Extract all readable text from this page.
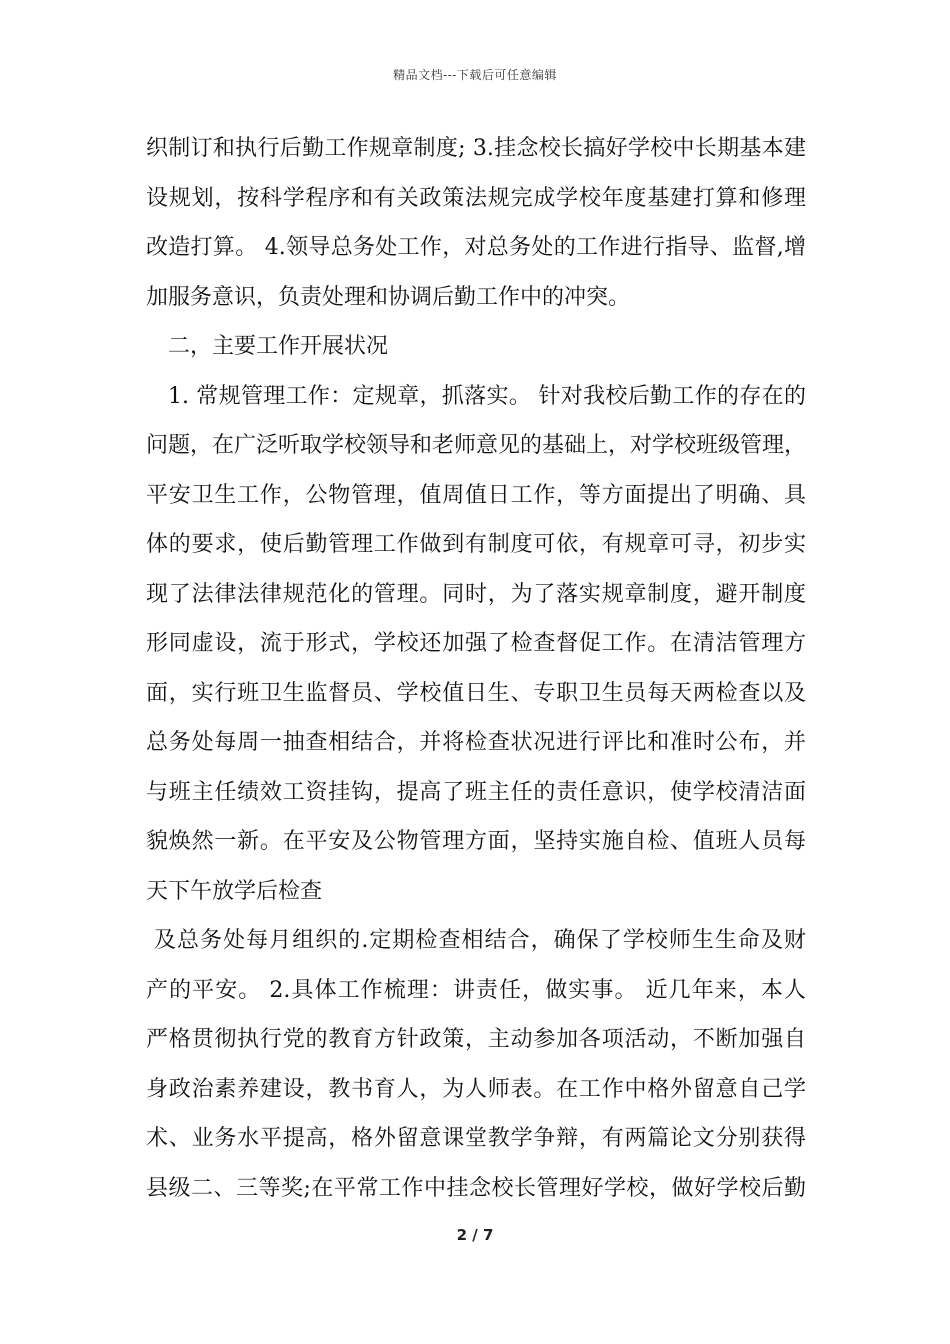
精品文档---下载后可任意编辑
织制订和执行后勤工作规章制度; 3.挂念校长搞好学校中长期基本建
设规划，按科学程序和有关政策法规完成学校年度基建打算和修理
改造打算。 4.领导总务处工作，对总务处的工作进行指导、监督,增
加服务意识，负责处理和协调后勤工作中的冲突。
二，主要工作开展状况
1. 常规管理工作：定规章，抓落实。 针对我校后勤工作的存在的
问题，在广泛听取学校领导和老师意见的基础上，对学校班级管理，
平安卫生工作，公物管理，值周值日工作，等方面提出了明确、具
体的要求，使后勤管理工作做到有制度可依，有规章可寻，初步实
现了法律法律规范化的管理。同时，为了落实规章制度，避开制度
形同虚设，流于形式，学校还加强了检查督促工作。在清洁管理方
面，实行班卫生监督员、学校值日生、专职卫生员每天两检查以及
总务处每周一抽查相结合，并将检查状况进行评比和准时公布，并
与班主任绩效工资挂钩，提高了班主任的责任意识，使学校清洁面
貌焕然一新。在平安及公物管理方面，坚持实施自检、值班人员每
天下午放学后检查
及总务处每月组织的.定期检查相结合，确保了学校师生生命及财
产的平安。 2.具体工作梳理：讲责任，做实事。 近几年来，本人
严格贯彻执行党的教育方针政策，主动参加各项活动，不断加强自
身政治素养建设，教书育人，为人师表。在工作中格外留意自己学
术、业务水平提高，格外留意课堂教学争辩，有两篇论文分别获得
县级二、三等奖;在平常工作中挂念校长管理好学校，做好学校后勤
2 / 7
